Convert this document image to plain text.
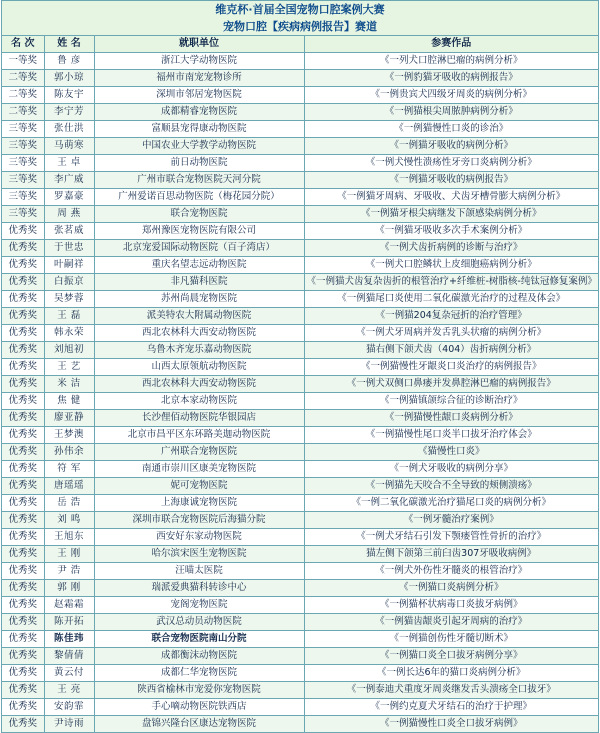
维克杯·首届全国宠物口腔案例大赛
宠物口腔【疾病病例报告】赛道
名 次	姓 名	就职单位	参赛作品
一等奖	鲁 彦	浙江大学动物医院	《一列犬口腔淋巴瘤的病例分析》
二等奖	郭小琼	福州市南宠宠物诊所	《一例豹猫牙吸收的病例报告》
二等奖	陈友宇	深圳市邻居宠物医院	《一例贵宾犬四级牙周炎的病例分析》
二等奖	李宁芳	成都精睿宠物医院	《一例猫根尖周脓肿病例分析》
三等奖	张仕洪	富顺县宠得康动物医院	《一例猫慢性口炎的诊治》
三等奖	马萌寒	中国农业大学教学动物医院	《一例猫牙吸收的病例分析》
三等奖	王 卓	前日动物医院	《一例犬慢性溃疡性牙旁口炎病例分析》
三等奖	李广威	广州市联合宠物医院天河分院	《一例猫牙吸收的病例报告》
三等奖	罗嘉豪	广州爱诺百思动物医院（梅花园分院）	《一例猫牙周病、牙吸收、犬齿牙槽骨膨大病例分析》
三等奖	周 燕	联合宠物医院	《一例猫牙根尖病继发下颌感染病例分析》
优秀奖	张茗威	郑州豫医宠物医院有限公司	《一例猫牙吸收多次手术案例分析》
优秀奖	于世忠	北京宠爱国际动物医院（百子湾店）	《一例犬齿折病例的诊断与治疗》
优秀奖	叶嗣祥	重庆名望志远动物医院	《一例犬口腔鳞状上皮细胞癌病例分析》
优秀奖	白振京	非凡猫科医院	《一例猫犬齿复杂齿折的根管治疗+纤维桩-树脂核-纯钛冠修复案例》
优秀奖	吴梦蓉	苏州尚晨宠物医院	《一例猫尾口炎使用二氧化碳激光治疗的过程及体会》
优秀奖	王 磊	派美特农大附属动物医院	《一例猫204复杂冠折的治疗管理》
优秀奖	韩永荣	西北农林科大西安动物医院	《一例犬牙周病并发舌乳头状瘤的病例分析》
优秀奖	刘旭初	乌鲁木齐宠乐嘉动物医院	猫右侧下颌犬齿（404）齿折病例分析》
优秀奖	王 艺	山西太原领航动物医院	《一例猫慢性牙龈炎口炎治疗的病例报告》
优秀奖	米 洁	西北农林科大西安动物医院	《一例犬双侧口鼻瘘并发鼻腔淋巴瘤的病例报告》
优秀奖	焦 健	北京本家动物医院	《一例猫镇颌综合征的诊断治疗》
优秀奖	廖亚静	长沙俚佰动物医院华银园店	《一例猫慢性龈口炎病例分析》
优秀奖	王梦澳	北京市昌平区东环路美迦动物医院	《一例猫慢性尾口炎半口拔牙治疗体会》
优秀奖	孙伟余	广州联合宠物医院	《猫慢性口炎》
优秀奖	符 军	南通市崇川区康美宠物医院	《一例犬牙吸收的病例分享》
优秀奖	唐瑶瑶	妮可宠物医院	《一例猫先天咬合不全导致的颊侧溃疡》
优秀奖	岳 浩	上海康诚宠物医院	《一例二氧化碳激光治疗猫尾口炎的病例分析》
优秀奖	刘 鸣	深圳市联合宠物医院后海猫分院	《一例牙髓治疗案例》
优秀奖	王旭东	西安好东家动物医院	《一例犬牙结石引发下颚瘘管性骨折的治疗》
优秀奖	王 刚	哈尔滨宋医生宠物医院	猫左侧下颌第三前臼齿307牙吸收病例》
优秀奖	尹 浩	汪喵太医院	《一例犬外伤性牙髓炎的根管治疗》
优秀奖	郭 刚	瑞派爱典猫科转诊中心	《一例猫口炎病例分析》
优秀奖	赵霜霜	宠阁宠物医院	《一例猫杯状病毒口炎拔牙病例》
优秀奖	陈开拓	武汉总动员动物医院	《一例猫齿龈炎引起牙周病的治疗》
优秀奖	陈佳玮	联合宠物医院南山分院	《一例猫创伤性牙髓切断术》
优秀奖	黎倩倩	成都衡沫动物医院	《一例猫口炎全口拔牙病例分享》
优秀奖	黄云付	成都仁华宠物医院	《一例长达6年的猫口炎病例分析》
优秀奖	王 亮	陕西省榆林市宠爱你宠物医院	《一例泰迪犬重度牙周炎继发舌头溃疡全口拔牙》
优秀奖	安韵霏	手心嘀动物医院铁西店	《一例约克夏犬牙结石的治疗于护理》
优秀奖	尹诗雨	盘锦兴隆台区康达宠物医院	《一例猫慢性口炎全口拔牙病例》
